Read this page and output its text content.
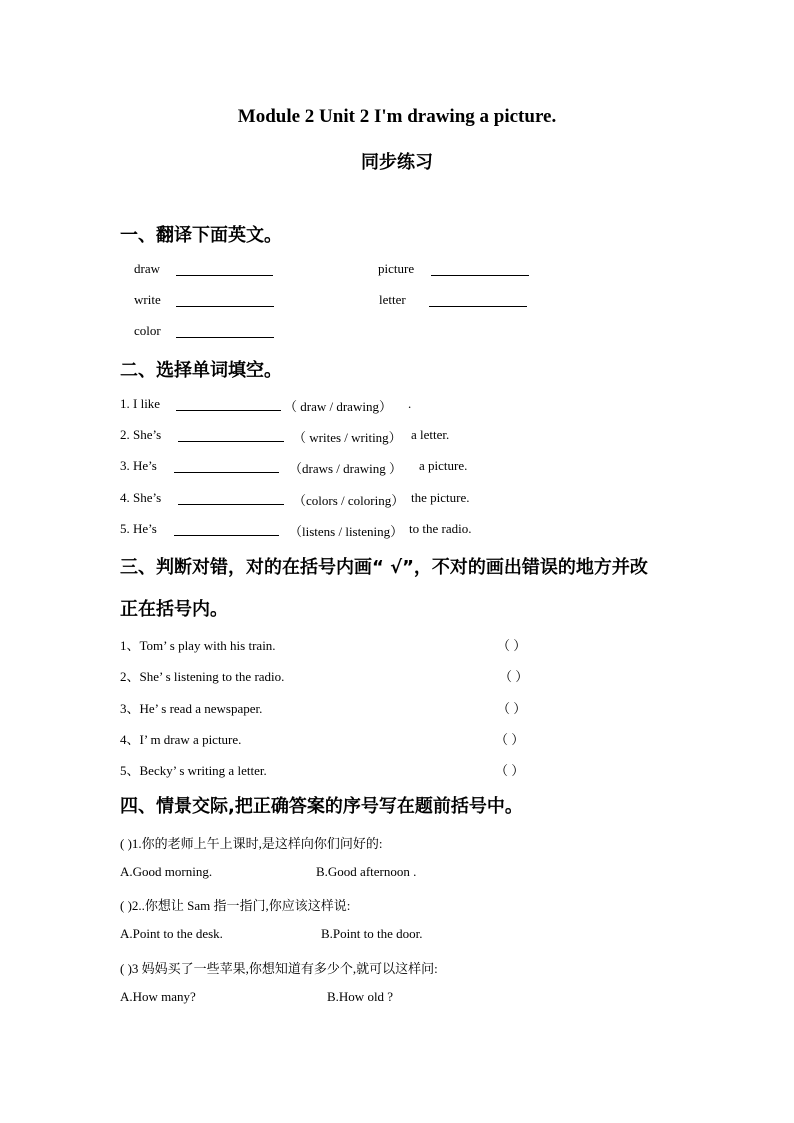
Module 2 Unit 2 I'm drawing a picture.
同步练习
一、翻译下面英文。
draw	picture
write	letter
color
二、选择单词填空。
1. I like	（ draw / drawing） .
2. She’s	（ writes / writing） a letter.
3. He’s	（draws / drawing ） a picture.
4. She’s	（colors / coloring） the picture.
5. He’s	（listens / listening） to the radio.
三、判断对错，对的在括号内画“ √”，不对的画出错误的地方并改
正在括号内。
1、Tom’ s play with his train.	（ ）
2、She’ s listening to the radio.	（ ）
3、He’ s read a newspaper.	（ ）
4、I’ m draw a picture.	（ ）
5、Becky’ s writing a letter.	（ ）
四、情景交际,把正确答案的序号写在题前括号中。
( )1.你的老师上午上课时,是这样向你们问好的:
A.Good morning.	B.Good afternoon .
( )2..你想让 Sam 指一指门,你应该这样说:
A.Point to the desk.	B.Point to the door.
( )3 妈妈买了一些苹果,你想知道有多少个,就可以这样问:
A.How many?	B.How old ?
